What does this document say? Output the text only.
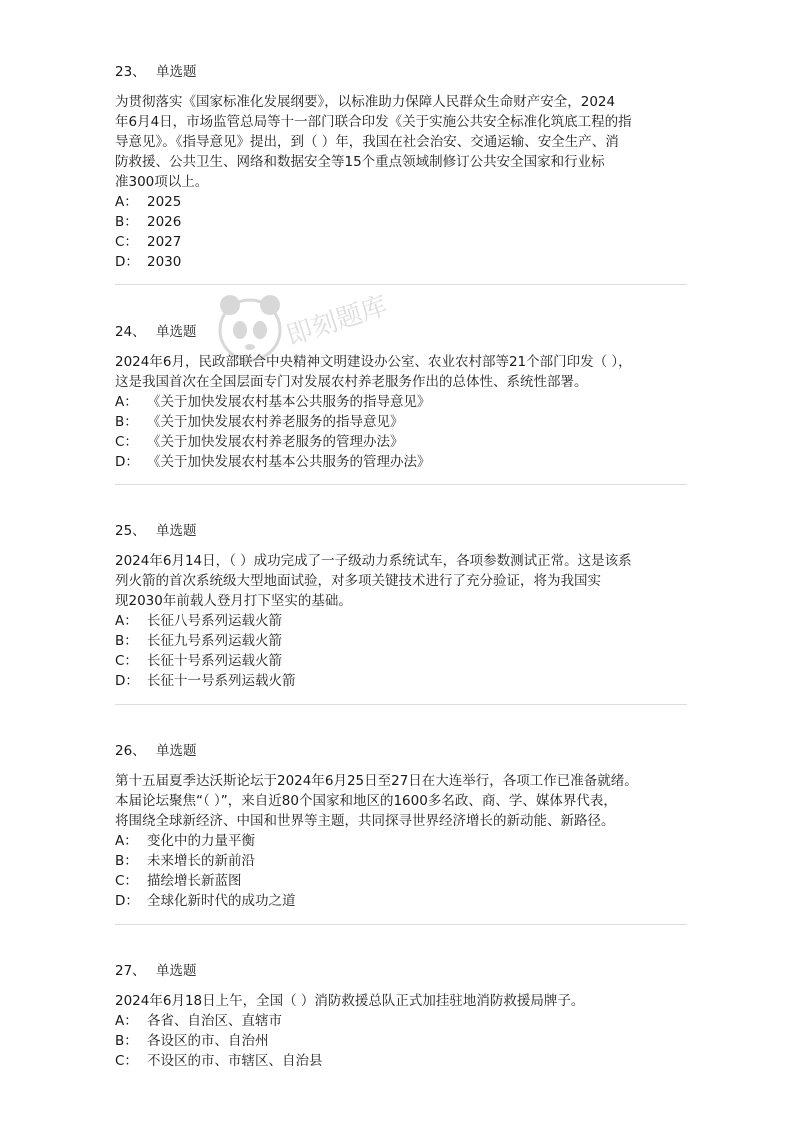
即刻题库
23、 单选题

为贯彻落实《国家标准化发展纲要》，以标准助力保障人民群众生命财产安全，2024
年6月4日，市场监管总局等十一部门联合印发《关于实施公共安全标准化筑底工程的指
导意见》。《指导意见》提出，到（ ）年，我国在社会治安、交通运输、安全生产、消
防救援、公共卫生、网络和数据安全等15个重点领域制修订公共安全国家和行业标
准300项以上。

A： 2025
B： 2026
C： 2027
D： 2030
24、 单选题

2024年6月，民政部联合中央精神文明建设办公室、农业农村部等21个部门印发（ ），
这是我国首次在全国层面专门对发展农村养老服务作出的总体性、系统性部署。

A： 《关于加快发展农村基本公共服务的指导意见》
B： 《关于加快发展农村养老服务的指导意见》
C： 《关于加快发展农村养老服务的管理办法》
D： 《关于加快发展农村基本公共服务的管理办法》
25、 单选题

2024年6月14日，（ ）成功完成了一子级动力系统试车，各项参数测试正常。这是该系
列火箭的首次系统级大型地面试验，对多项关键技术进行了充分验证，将为我国实
现2030年前载人登月打下坚实的基础。

A： 长征八号系列运载火箭
B： 长征九号系列运载火箭
C： 长征十号系列运载火箭
D： 长征十一号系列运载火箭
26、 单选题

第十五届夏季达沃斯论坛于2024年6月25日至27日在大连举行，各项工作已准备就绪。
本届论坛聚焦“（ ）”，来自近80个国家和地区的1600多名政、商、学、媒体界代表，
将围绕全球新经济、中国和世界等主题，共同探寻世界经济增长的新动能、新路径。

A： 变化中的力量平衡
B： 未来增长的新前沿
C： 描绘增长新蓝图
D： 全球化新时代的成功之道
27、 单选题

2024年6月18日上午，全国（ ）消防救援总队正式加挂驻地消防救援局牌子。

A： 各省、自治区、直辖市
B： 各设区的市、自治州
C： 不设区的市、市辖区、自治县
